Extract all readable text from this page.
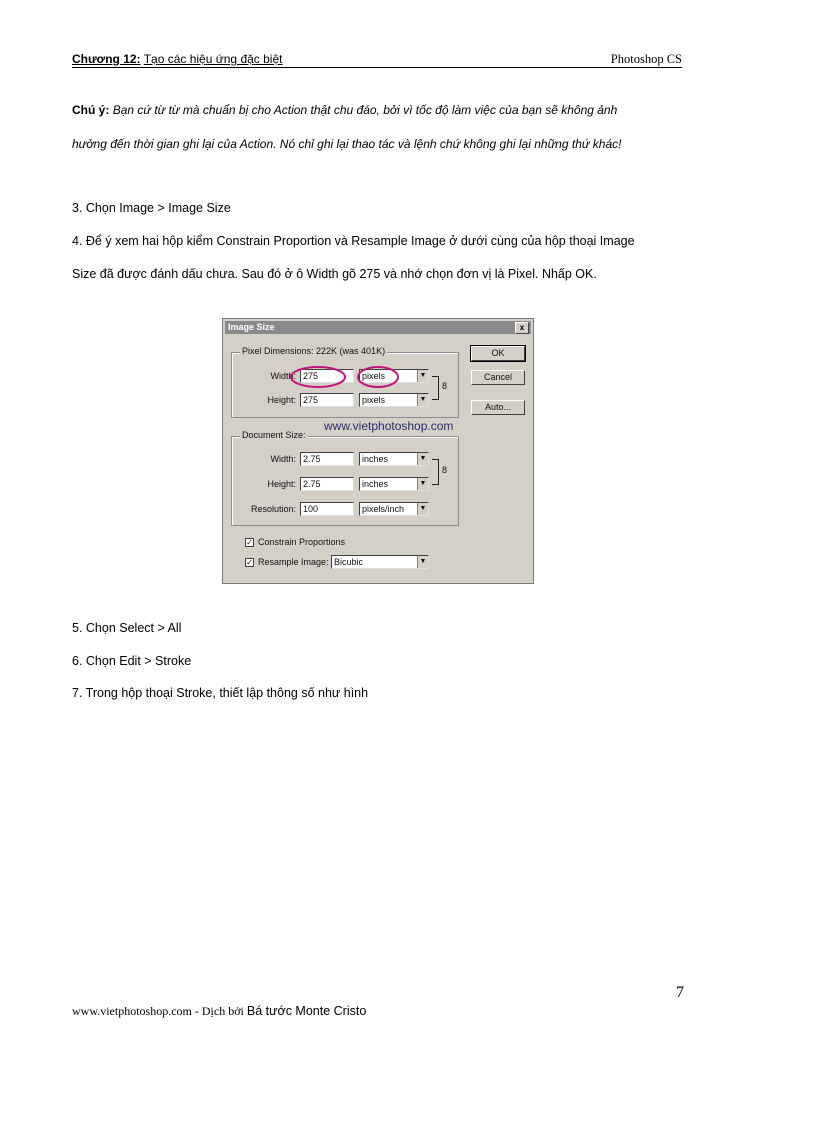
Chương 12: Tạo các hiệu ứng đặc biệt	Photoshop CS
Chú ý: Bạn cứ từ từ mà chuẩn bị cho Action thật chu đáo, bởi vì tốc độ làm việc của bạn sẽ không ảnh
hưởng đến thời gian ghi lại của Action. Nó chỉ ghi lại thao tác và lệnh chứ không ghi lại những thứ khác!
3. Chọn Image > Image Size
4. Để ý xem hai hộp kiểm Constrain Proportion và Resample Image ở dưới cùng của hộp thoại Image
Size đã được đánh dấu chưa. Sau đó ở ô Width gõ 275 và nhớ chọn đơn vị là Pixel. Nhấp OK.
Image Size	x
Pixel Dimensions: 222K (was 401K)
Width: 275	pixels	▼
Height: 275	pixels	▼
8
www.vietphotoshop.com
Document Size:
Width: 2.75	inches	▼
Height: 2.75	inches	▼
8
Resolution: 100	pixels/inch	▼
✓ Constrain Proportions
✓ Resample Image: Bicubic	▼
OK
Cancel
Auto...
5. Chọn Select > All
6. Chọn Edit > Stroke
7. Trong hộp thoại Stroke, thiết lập thông số như hình
7
www.vietphotoshop.com - Dịch bởi Bá tước Monte Cristo
